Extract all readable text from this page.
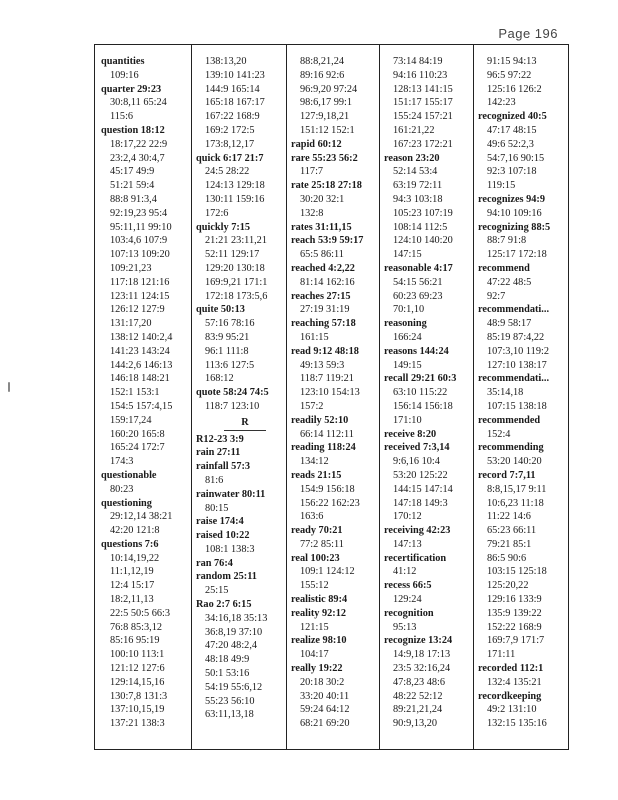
Page 196
quantities
109:16
quarter 29:23
30:8,11 65:24
115:6
question 18:12
18:17,22 22:9
23:2,4 30:4,7
45:17 49:9
51:21 59:4
88:8 91:3,4
92:19,23 95:4
95:11,11 99:10
103:4,6 107:9
107:13 109:20
109:21,23
117:18 121:16
123:11 124:15
126:12 127:9
131:17,20
138:12 140:2,4
141:23 143:24
144:2,6 146:13
146:18 148:21
152:1 153:1
154:5 157:4,15
159:17,24
160:20 165:8
165:24 172:7
174:3
questionable
80:23
questioning
29:12,14 38:21
42:20 121:8
questions 7:6
10:14,19,22
11:1,12,19
12:4 15:17
18:2,11,13
22:5 50:5 66:3
76:8 85:3,12
85:16 95:19
100:10 113:1
121:12 127:6
129:14,15,16
130:7,8 131:3
137:10,15,19
137:21 138:3
138:13,20
139:10 141:23
144:9 165:14
165:18 167:17
167:22 168:9
169:2 172:5
173:8,12,17
quick 6:17 21:7
24:5 28:22
124:13 129:18
130:11 159:16
172:6
quickly 7:15
21:21 23:11,21
52:11 129:17
129:20 130:18
169:9,21 171:1
172:18 173:5,6
quite 50:13
57:16 78:16
83:9 95:21
96:1 111:8
113:6 127:5
168:12
quote 58:24 74:5
118:7 123:10
R
R12-23 3:9
rain 27:11
rainfall 57:3
81:6
rainwater 80:11
80:15
raise 174:4
raised 10:22
108:1 138:3
ran 76:4
random 25:11
25:15
Rao 2:7 6:15
34:16,18 35:13
36:8,19 37:10
47:20 48:2,4
48:18 49:9
50:1 53:16
54:19 55:6,12
55:23 56:10
63:11,13,18
88:8,21,24
89:16 92:6
96:9,20 97:24
98:6,17 99:1
127:9,18,21
151:12 152:1
rapid 60:12
rare 55:23 56:2
117:7
rate 25:18 27:18
30:20 32:1
132:8
rates 31:11,15
reach 53:9 59:17
65:5 86:11
reached 4:2,22
81:14 162:16
reaches 27:15
27:19 31:19
reaching 57:18
161:15
read 9:12 48:18
49:13 59:3
118:7 119:21
123:10 154:13
157:2
readily 52:10
66:14 112:11
reading 118:24
134:12
reads 21:15
154:9 156:18
156:22 162:23
163:6
ready 70:21
77:2 85:11
real 100:23
109:1 124:12
155:12
realistic 89:4
reality 92:12
121:15
realize 98:10
104:17
really 19:22
20:18 30:2
33:20 40:11
59:24 64:12
68:21 69:20
73:14 84:19
94:16 110:23
128:13 141:15
151:17 155:17
155:24 157:21
161:21,22
167:23 172:21
reason 23:20
52:14 53:4
63:19 72:11
94:3 103:18
105:23 107:19
108:14 112:5
124:10 140:20
147:15
reasonable 4:17
54:15 56:21
60:23 69:23
70:1,10
reasoning
166:24
reasons 144:24
149:15
recall 29:21 60:3
63:10 115:22
156:14 156:18
171:10
receive 8:20
received 7:3,14
9:6,16 10:4
53:20 125:22
144:15 147:14
147:18 149:3
170:12
receiving 42:23
147:13
recertification
41:12
recess 66:5
129:24
recognition
95:13
recognize 13:24
14:9,18 17:13
23:5 32:16,24
47:8,23 48:6
48:22 52:12
89:21,21,24
90:9,13,20
91:15 94:13
96:5 97:22
125:16 126:2
142:23
recognized 40:5
47:17 48:15
49:6 52:2,3
54:7,16 90:15
92:3 107:18
119:15
recognizes 94:9
94:10 109:16
recognizing 88:5
88:7 91:8
125:17 172:18
recommend
47:22 48:5
92:7
recommendati...
48:9 58:17
85:19 87:4,22
107:3,10 119:2
127:10 138:17
recommendati...
35:14,18
107:15 138:18
recommended
152:4
recommending
53:20 140:20
record 7:7,11
8:8,15,17 9:11
10:6,23 11:18
11:22 14:6
65:23 66:11
79:21 85:1
86:5 90:6
103:15 125:18
125:20,22
129:16 133:9
135:9 139:22
152:22 168:9
169:7,9 171:7
171:11
recorded 112:1
132:4 135:21
recordkeeping
49:2 131:10
132:15 135:16
